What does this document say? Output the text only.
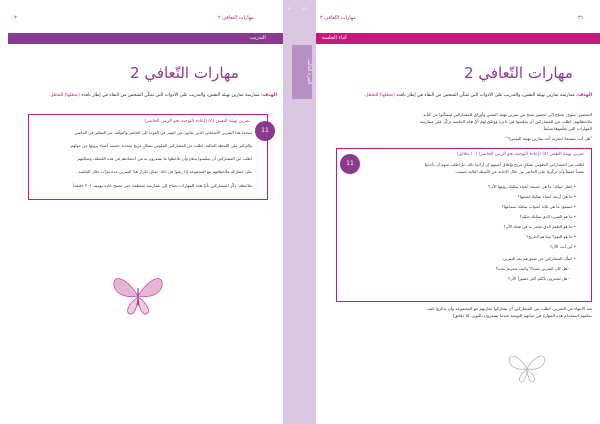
۳۰	مهارات التعافي ۲
التدريب
مهارات التّعافي 2
الهدف: ممارسة تمارين تهيئة النفس، والتدريب على الأدوات التي تمكّن الشخص من البقاء في إطار نافذة (تحمّلها) للتحمّل.
11
تمرين تهيئة النفس (٥) (إعادة التوجيه نحو الزمن الحاضر)
يساعد هذا التمرين الأشخاص الذين يعانون من التوتر في العودة إلى الحاضر والتوقّف عن التفكير في الماضي
والتركيز على اللحظة الحالية. اطلب من المشاركين الجلوس بشكلٍ مريح وتحديد خمسة أشياء يرونها من حولهم.
اطلب من المشاركين أن يتنفّسوا ببطءٍ وأن يلاحظوا ما يشعرون به في أجسادهم في هذه اللحظة، وشجّعهم
على مشاركة ملاحظاتهم مع المجموعة إذا رغبوا في ذلك. يمكن تكرار هذا التمرين عدة مرّات خلال الجلسة.
ملاحظة: ذكّر المشاركين بأنّ هذه المهارات تحتاج إلى ممارسة منتظمة حتى تصبح عادة يومية. (٢٠ دقيقة)
۳۰	۳۱
الجزء الثالث
مهارات التّعافي ۲	۳۱
أثناء الجلسة
مهارات التّعافي 2
الهدف: ممارسة تمارين تهيئة النفس، والتدريب على الأدوات التي تمكّن الشخص من البقاء في إطار نافذة (تحمّلها) للتحمّل.
التحضير: سوف تحتاج إلى تحضير نسخ من تمرين تهيئة النفس وأوراق للمشاركين ليتمكّنوا من كتابة
ملاحظاتهم. اطلب من المشاركين أن يجلسوا في دائرة ووضّح لهم أنّ هذه الجلسة تركّز على ممارسة
المهارات التي تعلّموها سابقاً.
"هل أنت مستعدّ لتجربة أحد تمارين تهيئة النفس؟"
11
تمرين تهيئة النفس (٥) (إعادة التوجيه نحو الزمن الحاضر) (١٠ دقائق)
اطلب من المشاركين الجلوس بشكلٍ مريح وإغلاق أعينهم إن أرادوا ذلك، ثمّ اطلب منهم أن يأخذوا
نفساً عميقاً وأن يركّزوا على الحاضر من خلال الإجابة عن الأسئلة التالية بصمت.
• انظر حولك: ما هي خمسة أشياء يمكنك رؤيتها الآن؟
• ما هي أربعة أشياء يمكنك لمسها؟
• استمع: ما هي ثلاثة أصوات يمكنك سماعها؟
• ما هو الشيء الذي يمكنك شمّه؟
• ما هو الطعم الذي تشعر به في فمك الآن؟
• ما هو اليوم؟ وما هو التاريخ؟
• أين أنت الآن؟
• اسأل المشاركين عن شعورهم بعد التمرين:
- هل كان التمرين مفيداً؟ وكيف شعرتم بعده؟
- هل تشعرون بأنّكم أكثر حضوراً الآن؟
بعد الانتهاء من التمرين، اطلب من المشاركين أن يشاركوا تجاربهم مع المجموعة وأن يذكروا كيف
يمكنهم استخدام هذه المهارة في حياتهم اليومية عندما يشعرون بالتوتر. (٥ دقائق)
